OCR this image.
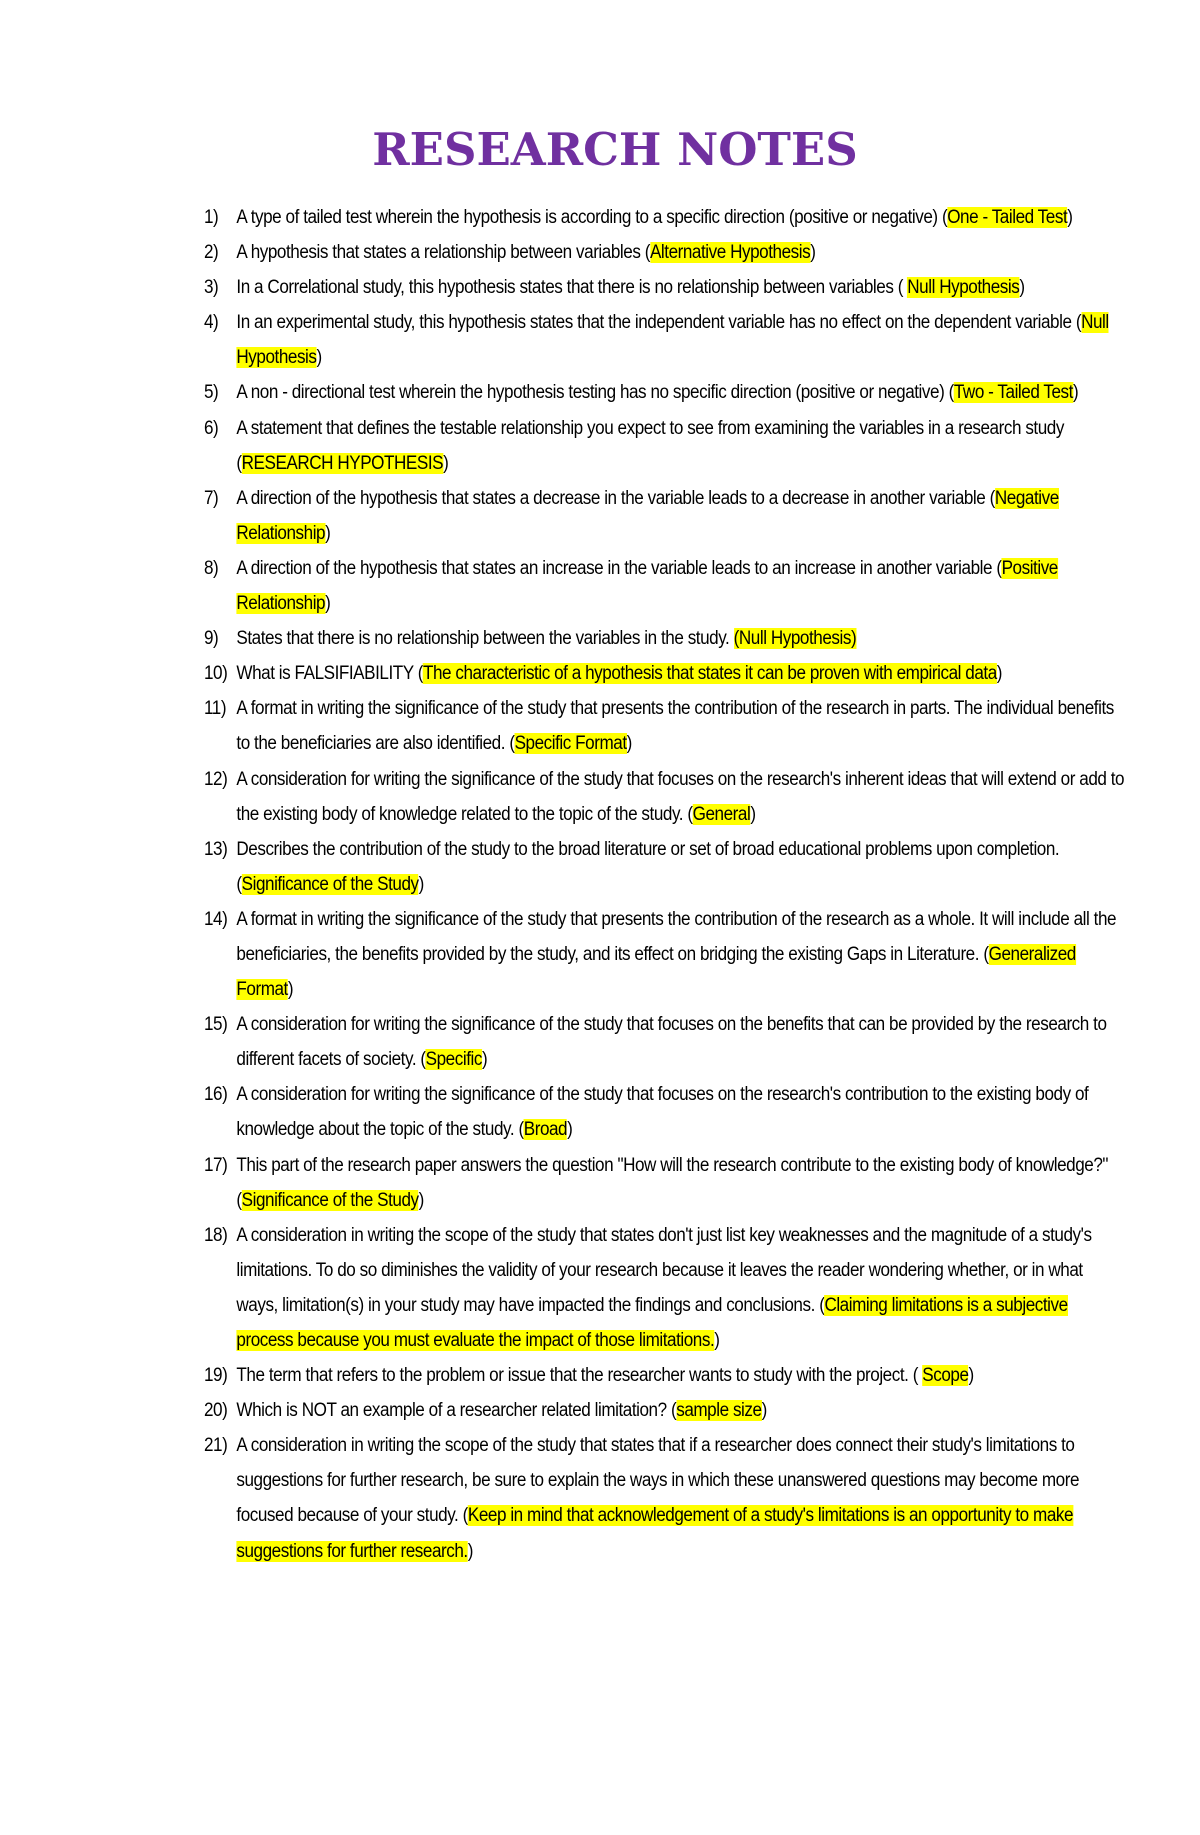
RESEARCH NOTES
1) A type of tailed test wherein the hypothesis is according to a specific direction (positive or negative) (One - Tailed Test)
2) A hypothesis that states a relationship between variables (Alternative Hypothesis)
3) In a Correlational study, this hypothesis states that there is no relationship between variables ( Null Hypothesis)
4) In an experimental study, this hypothesis states that the independent variable has no effect on the dependent variable (Null Hypothesis)
5) A non - directional test wherein the hypothesis testing has no specific direction (positive or negative) (Two - Tailed Test)
6) A statement that defines the testable relationship you expect to see from examining the variables in a research study (RESEARCH HYPOTHESIS)
7) A direction of the hypothesis that states a decrease in the variable leads to a decrease in another variable (Negative Relationship)
8) A direction of the hypothesis that states an increase in the variable leads to an increase in another variable (Positive Relationship)
9) States that there is no relationship between the variables in the study. (Null Hypothesis)
10) What is FALSIFIABILITY (The characteristic of a hypothesis that states it can be proven with empirical data)
11) A format in writing the significance of the study that presents the contribution of the research in parts. The individual benefits to the beneficiaries are also identified. (Specific Format)
12) A consideration for writing the significance of the study that focuses on the research's inherent ideas that will extend or add to the existing body of knowledge related to the topic of the study. (General)
13) Describes the contribution of the study to the broad literature or set of broad educational problems upon completion. (Significance of the Study)
14) A format in writing the significance of the study that presents the contribution of the research as a whole. It will include all the beneficiaries, the benefits provided by the study, and its effect on bridging the existing Gaps in Literature. (Generalized Format)
15) A consideration for writing the significance of the study that focuses on the benefits that can be provided by the research to different facets of society. (Specific)
16) A consideration for writing the significance of the study that focuses on the research's contribution to the existing body of knowledge about the topic of the study. (Broad)
17) This part of the research paper answers the question "How will the research contribute to the existing body of knowledge?" (Significance of the Study)
18) A consideration in writing the scope of the study that states don't just list key weaknesses and the magnitude of a study's limitations. To do so diminishes the validity of your research because it leaves the reader wondering whether, or in what ways, limitation(s) in your study may have impacted the findings and conclusions. (Claiming limitations is a subjective process because you must evaluate the impact of those limitations.)
19) The term that refers to the problem or issue that the researcher wants to study with the project. ( Scope)
20) Which is NOT an example of a researcher related limitation? (sample size)
21) A consideration in writing the scope of the study that states that if a researcher does connect their study's limitations to suggestions for further research, be sure to explain the ways in which these unanswered questions may become more focused because of your study. (Keep in mind that acknowledgement of a study's limitations is an opportunity to make suggestions for further research.)
